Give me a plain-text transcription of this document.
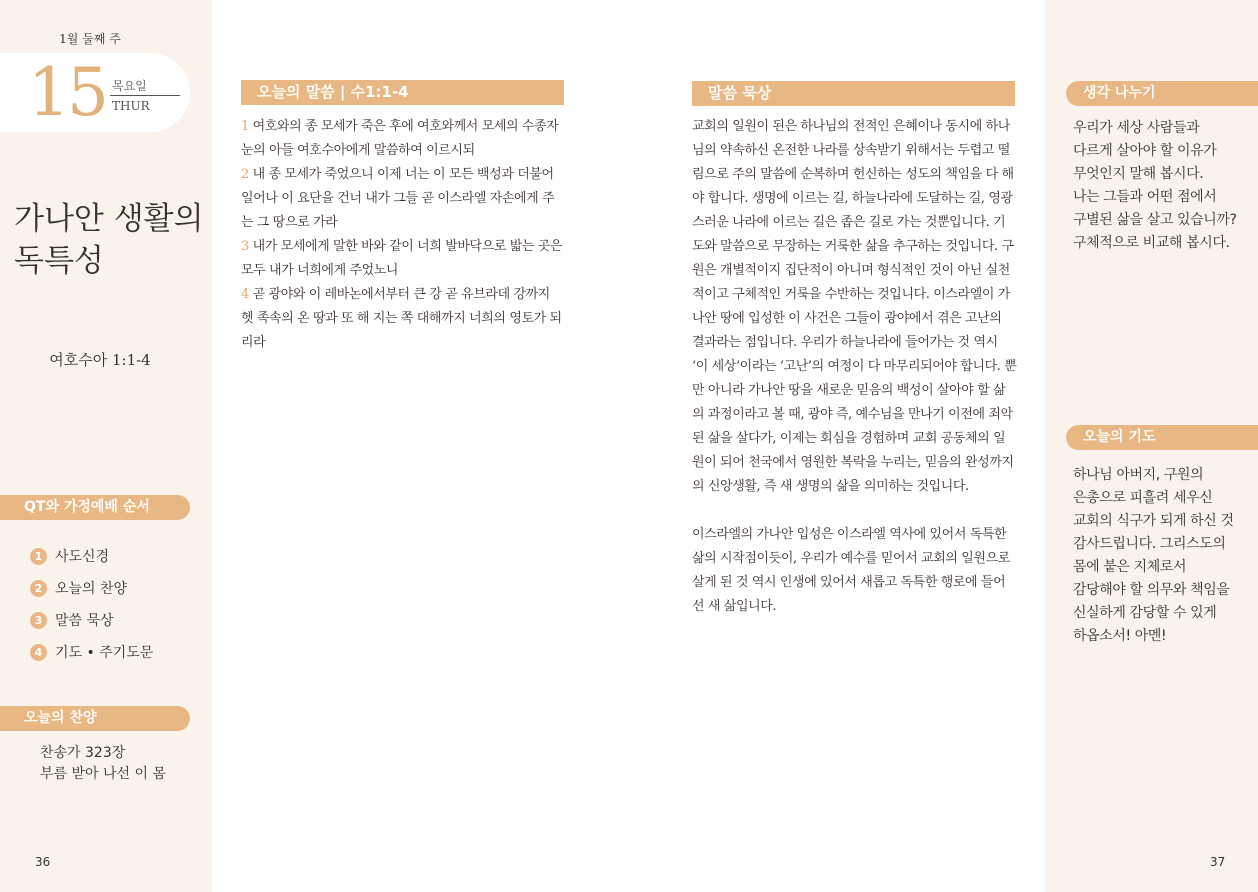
1월 둘째 주
15 목요일
THUR
가나안 생활의
독특성
여호수아 1:1-4
QT와 가정예배 순서
1 사도신경
2 오늘의 찬양
3 말씀 묵상
4 기도 • 주기도문
오늘의 찬양
찬송가 323장
부름 받아 나선 이 몸
36
오늘의 말씀 | 수1:1-4
1 여호와의 종 모세가 죽은 후에 여호와께서 모세의 수종자 눈의 아들 여호수아에게 말씀하여 이르시되
2 내 종 모세가 죽었으니 이제 너는 이 모든 백성과 더불어 일어나 이 요단을 건너 내가 그들 곧 이스라엘 자손에게 주는 그 땅으로 가라
3 내가 모세에게 말한 바와 같이 너희 발바닥으로 밟는 곳은 모두 내가 너희에게 주었노니
4 곧 광야와 이 레바논에서부터 큰 강 곧 유브라데 강까지 헷 족속의 온 땅과 또 해 지는 쪽 대해까지 너희의 영토가 되리라
말씀 묵상

교회의 일원이 된은 하나님의 전적인 은혜이나 동시에 하나님의 약속하신 온전한 나라를 상속받기 위해서는 두렵고 떨림으로 주의 말씀에 순복하며 헌신하는 성도의 책임을 다 해야 합니다. 생명에 이르는 길, 하늘나라에 도달하는 길, 영광스러운 나라에 이르는 길은 좁은 길로 가는 것뿐입니다. 기도와 말씀으로 무장하는 거룩한 삶을 추구하는 것입니다. 구원은 개별적이지 집단적이 아니며 형식적인 것이 아닌 실천적이고 구체적인 거룩을 수반하는 것입니다. 이스라엘이 가나안 땅에 입성한 이 사건은 그들이 광야에서 겪은 고난의 결과라는 점입니다. 우리가 하늘나라에 들어가는 것 역시 ‘이 세상’이라는 ‘고난’의 여정이 다 마무리되어야 합니다. 뿐만 아니라 가나안 땅을 새로운 믿음의 백성이 살아야 할 삶의 과정이라고 볼 때, 광야 즉, 예수님을 만나기 이전에 죄악된 삶을 살다가, 이제는 회심을 경험하며 교회 공동체의 일원이 되어 천국에서 영원한 복락을 누리는, 믿음의 완성까지의 신앙생활, 즉 새 생명의 삶을 의미하는 것입니다.

이스라엘의 가나안 입성은 이스라엘 역사에 있어서 독특한 삶의 시작점이듯이, 우리가 예수를 믿어서 교회의 일원으로 살게 된 것 역시 인생에 있어서 새롭고 독특한 행로에 들어선 새 삶입니다.

생각 나누기
우리가 세상 사람들과
다르게 살아야 할 이유가
무엇인지 말해 봅시다.
나는 그들과 어떤 점에서
구별된 삶을 살고 있습니까?
구체적으로 비교해 봅시다.
오늘의 기도
하나님 아버지, 구원의
은총으로 피흘려 세우신
교회의 식구가 되게 하신 것
감사드립니다. 그리스도의
몸에 붙은 지체로서
감당해야 할 의무와 책임을
신실하게 감당할 수 있게
하옵소서! 아멘!
37
